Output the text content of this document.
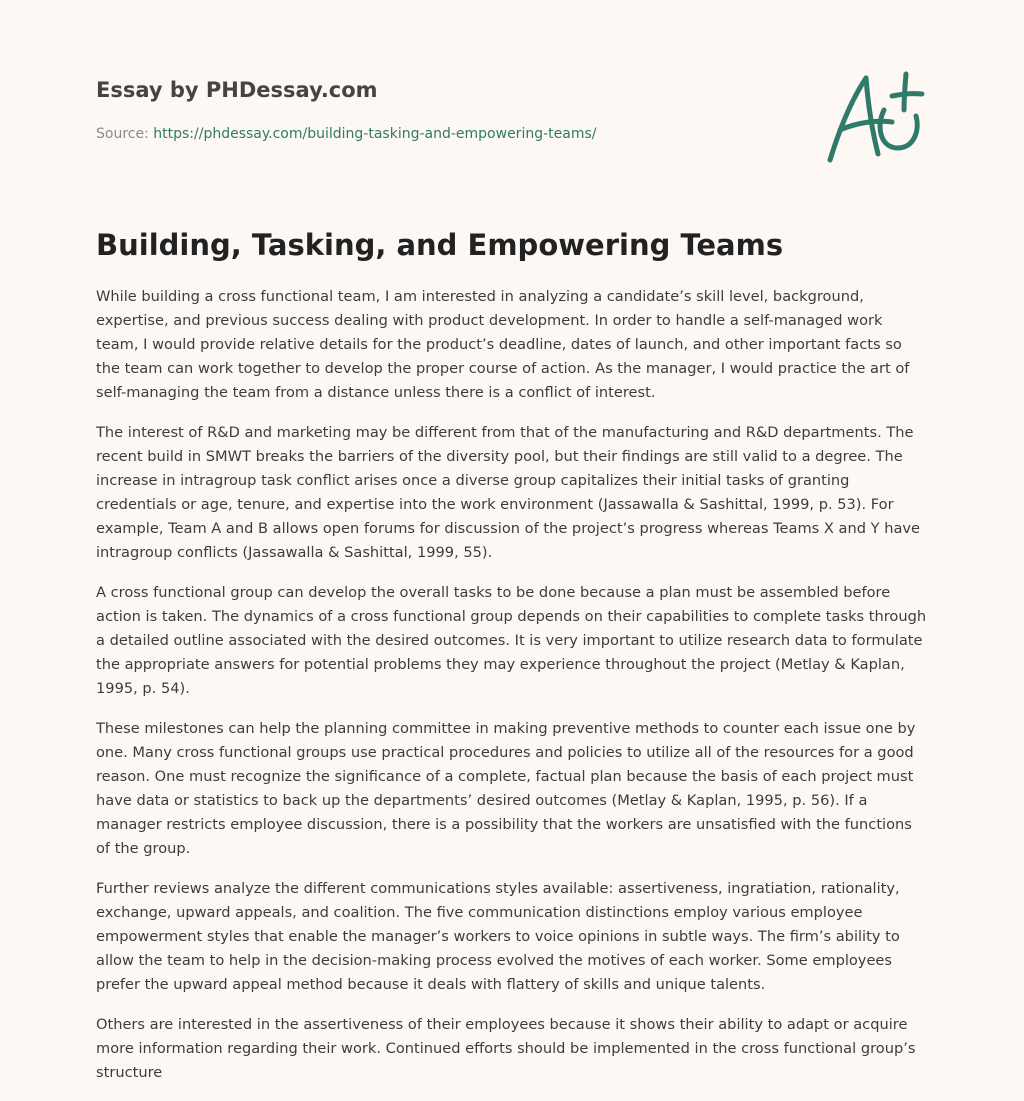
Essay by PHDessay.com
Source: https://phdessay.com/building-tasking-and-empowering-teams/
Building, Tasking, and Empowering Teams

While building a cross functional team, I am interested in analyzing a candidate’s skill level, background, expertise, and previous success dealing with product development. In order to handle a self-managed work team, I would provide relative details for the product’s deadline, dates of launch, and other important facts so the team can work together to develop the proper course of action. As the manager, I would practice the art of self-managing the team from a distance unless there is a conflict of interest.

The interest of R&D and marketing may be different from that of the manufacturing and R&D departments. The recent build in SMWT breaks the barriers of the diversity pool, but their findings are still valid to a degree. The increase in intragroup task conflict arises once a diverse group capitalizes their initial tasks of granting credentials or age, tenure, and expertise into the work environment (Jassawalla & Sashittal, 1999, p. 53). For example, Team A and B allows open forums for discussion of the project’s progress whereas Teams X and Y have intragroup conflicts (Jassawalla & Sashittal, 1999, 55).

A cross functional group can develop the overall tasks to be done because a plan must be assembled before action is taken. The dynamics of a cross functional group depends on their capabilities to complete tasks through a detailed outline associated with the desired outcomes. It is very important to utilize research data to formulate the appropriate answers for potential problems they may experience throughout the project (Metlay & Kaplan, 1995, p. 54).

These milestones can help the planning committee in making preventive methods to counter each issue one by one. Many cross functional groups use practical procedures and policies to utilize all of the resources for a good reason. One must recognize the significance of a complete, factual plan because the basis of each project must have data or statistics to back up the departments’ desired outcomes (Metlay & Kaplan, 1995, p. 56). If a manager restricts employee discussion, there is a possibility that the workers are unsatisfied with the functions of the group.

Further reviews analyze the different communications styles available: assertiveness, ingratiation, rationality, exchange, upward appeals, and coalition. The five communication distinctions employ various employee empowerment styles that enable the manager’s workers to voice opinions in subtle ways. The firm’s ability to allow the team to help in the decision-making process evolved the motives of each worker. Some employees prefer the upward appeal method because it deals with flattery of skills and unique talents.

Others are interested in the assertiveness of their employees because it shows their ability to adapt or acquire more information regarding their work. Continued efforts should be implemented in the cross functional group’s structure
